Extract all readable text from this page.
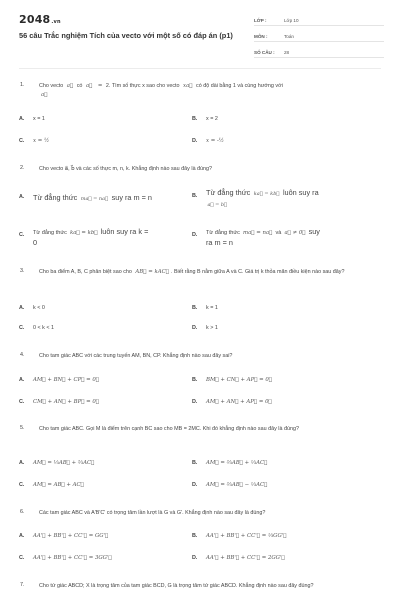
2048.vn
56 câu Trắc nghiệm Tích của vecto với một số có đáp án (p1)
LỚP :	Lớp 10
MÔN :	Toán
SỐ CÂU :	28
1.	Cho vecto a⃗ có a⃗ = 2. Tìm số thực x sao cho vecto xa⃗ có độ dài bằng 1 và cùng hướng với
a⃗
A.	x = 1	B.	x = 2
C.	x = ½	D.	x = -½
2.	Cho vecto a⃗, b⃗ và các số thực m, n, k. Khẳng định nào sau đây là đúng?
A.	Từ đẳng thức ma⃗ = na⃗ suy ra m = n	B.	Từ đẳng thức ka⃗ = kb⃗ luôn suy ra
a⃗ = b⃗
C.	Từ đẳng thức ka⃗ = kb⃗ luôn suy ra k =
0
D.	Từ đẳng thức ma⃗ = na⃗ và a⃗ ≠ 0⃗ suy
ra m = n
3.	Cho ba điểm A, B, C phân biệt sao cho AB⃗ = kAC⃗ . Biết rằng B nằm giữa A và C. Giá trị k thỏa mãn điều kiện nào sau đây?
A.	k < 0	B.	k = 1
C.	0 < k < 1	D.	k > 1
4.	Cho tam giác ABC với các trung tuyến AM, BN, CP. Khẳng định nào sau đây sai?
A.	AM⃗ + BN⃗ + CP⃗ = 0⃗	B.	BM⃗ + CN⃗ + AP⃗ = 0⃗
C.	CM⃗ + AN⃗ + BP⃗ = 0⃗	D.	AM⃗ + AN⃗ + AP⃗ = 0⃗
5.	Cho tam giác ABC. Gọi M là điểm trên cạnh BC sao cho MB = 2MC. Khi đó khẳng định nào sau đây là đúng?
A.	AM⃗ = ⅓AB⃗ + ⅔AC⃗	B.	AM⃗ = ⅔AB⃗ + ⅓AC⃗
C.	AM⃗ = AB⃗ + AC⃗	D.	AM⃗ = ⅔AB⃗ − ⅓AC⃗
6.	Các tam giác ABC và A'B'C' có trọng tâm lần lượt là G và G'. Khẳng định nào sau đây là đúng?
A.	AA'⃗ + BB'⃗ + CC'⃗ = GG'⃗	B.	AA'⃗ + BB'⃗ + CC'⃗ = ⅓GG'⃗
C.	AA'⃗ + BB'⃗ + CC'⃗ = 3GG'⃗	D.	AA'⃗ + BB'⃗ + CC'⃗ = 2GG'⃗
7.	Cho tứ giác ABCD; X là trọng tâm của tam giác BCD, G là trọng tâm tứ giác ABCD. Khẳng định nào sau đây đúng?
